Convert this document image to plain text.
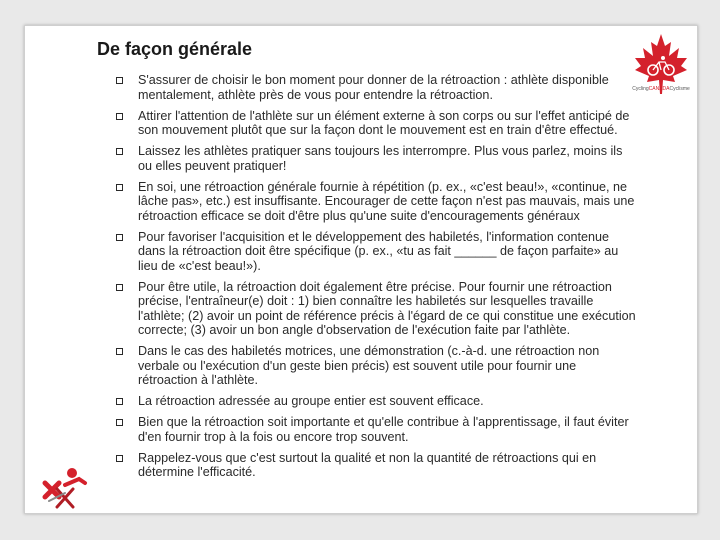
De façon générale
S'assurer de choisir le bon moment pour donner de la rétroaction : athlète disponible mentalement, athlète près de vous pour entendre la rétroaction.
Attirer l'attention de l'athlète sur un élément externe à son corps ou sur l'effet anticipé de son mouvement plutôt que sur la façon dont le mouvement est en train d'être effectué.
Laissez les athlètes pratiquer sans toujours les interrompre. Plus vous parlez, moins ils ou elles peuvent pratiquer!
En soi, une rétroaction générale fournie à répétition (p. ex., «c'est beau!», «continue, ne lâche pas», etc.) est insuffisante. Encourager de cette façon n'est pas mauvais, mais une rétroaction efficace se doit d'être plus qu'une suite d'encouragements généraux
Pour favoriser l'acquisition et le développement des habiletés, l'information contenue dans la rétroaction doit être spécifique (p. ex., «tu as fait ______ de façon parfaite» au lieu de «c'est beau!»).
Pour être utile, la rétroaction doit également être précise. Pour fournir une rétroaction précise, l'entraîneur(e) doit : 1) bien connaître les habiletés sur lesquelles travaille l'athlète; (2) avoir un point de référence précis à l'égard de ce qui constitue une exécution correcte; (3) avoir un bon angle d'observation de l'exécution faite par l'athlète.
Dans le cas des habiletés motrices, une démonstration (c.-à-d. une rétroaction non verbale ou l'exécution d'un geste bien précis) est souvent utile pour fournir une rétroaction à l'athlète.
La rétroaction adressée au groupe entier est souvent efficace.
Bien que la rétroaction soit importante et qu'elle contribue à l'apprentissage, il faut éviter d'en fournir trop à la fois ou encore trop souvent.
Rappelez-vous que c'est surtout la qualité et non la quantité de rétroactions qui en détermine l'efficacité.
CyclingCANADACyclisme
